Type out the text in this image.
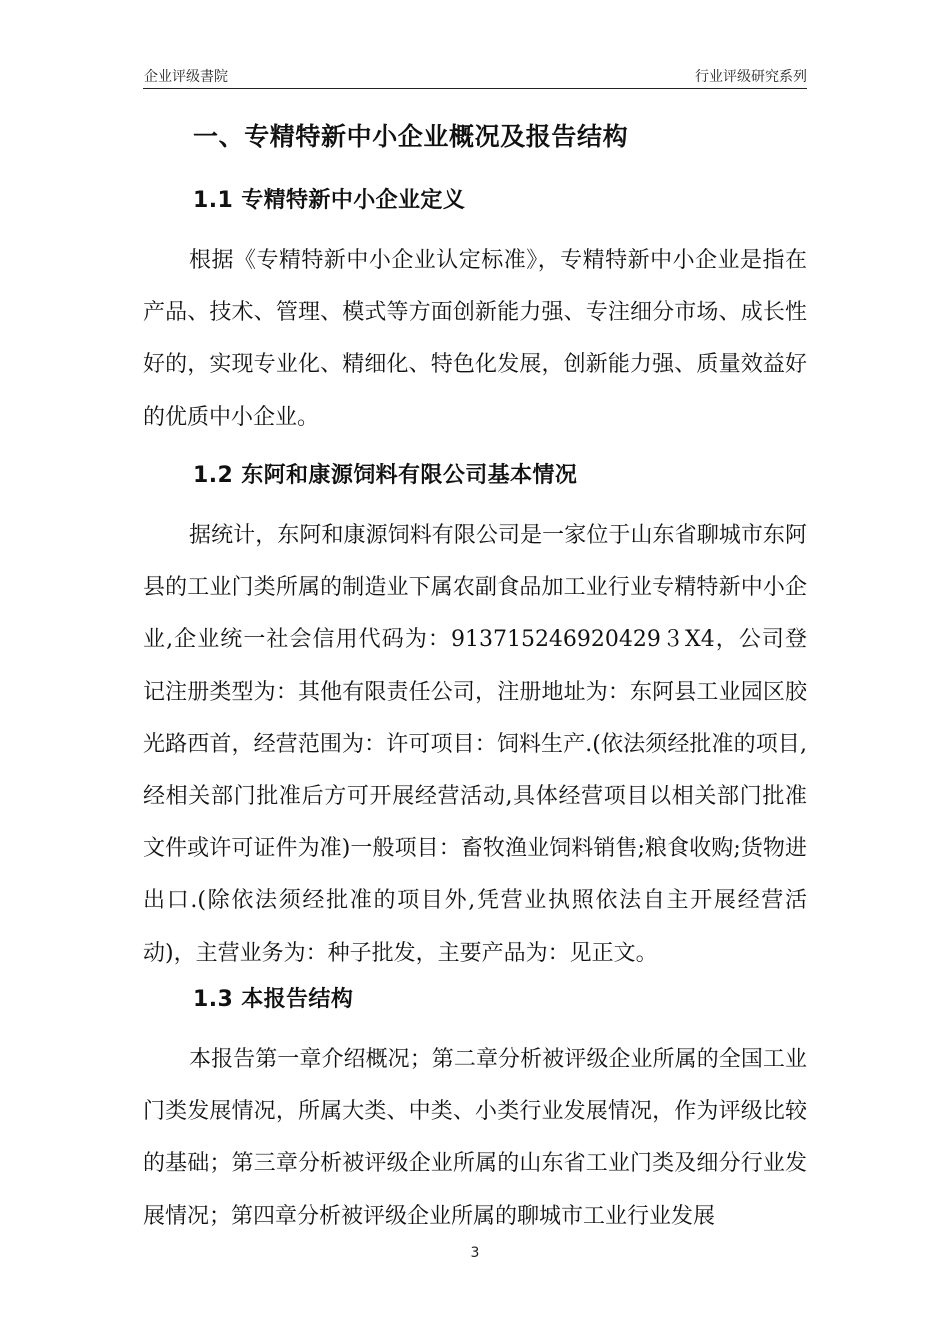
企业评级書院	行业评级研究系列
一、专精特新中小企业概况及报告结构
1.1 专精特新中小企业定义

根据《专精特新中小企业认定标准》，专精特新中小企业是指在产品、技术、管理、模式等方面创新能力强、专注细分市场、成长性好的，实现专业化、精细化、特色化发展，创新能力强、质量效益好的优质中小企业。

1.2 东阿和康源饲料有限公司基本情况

据统计，东阿和康源饲料有限公司是一家位于山东省聊城市东阿县的工业门类所属的制造业下属农副食品加工业行业专精特新中小企业,企业统一社会信用代码为：913715246920429３X4，公司登记注册类型为：其他有限责任公司，注册地址为：东阿县工业园区胶光路西首，经营范围为：许可项目：饲料生产.(依法须经批准的项目,经相关部门批准后方可开展经营活动,具体经营项目以相关部门批准文件或许可证件为准)一般项目：畜牧渔业饲料销售;粮食收购;货物进出口.(除依法须经批准的项目外,凭营业执照依法自主开展经营活动)，主营业务为：种子批发，主要产品为：见正文。

1.3 本报告结构

本报告第一章介绍概况；第二章分析被评级企业所属的全国工业门类发展情况，所属大类、中类、小类行业发展情况，作为评级比较的基础；第三章分析被评级企业所属的山东省工业门类及细分行业发展情况；第四章分析被评级企业所属的聊城市工业行业发展

3
